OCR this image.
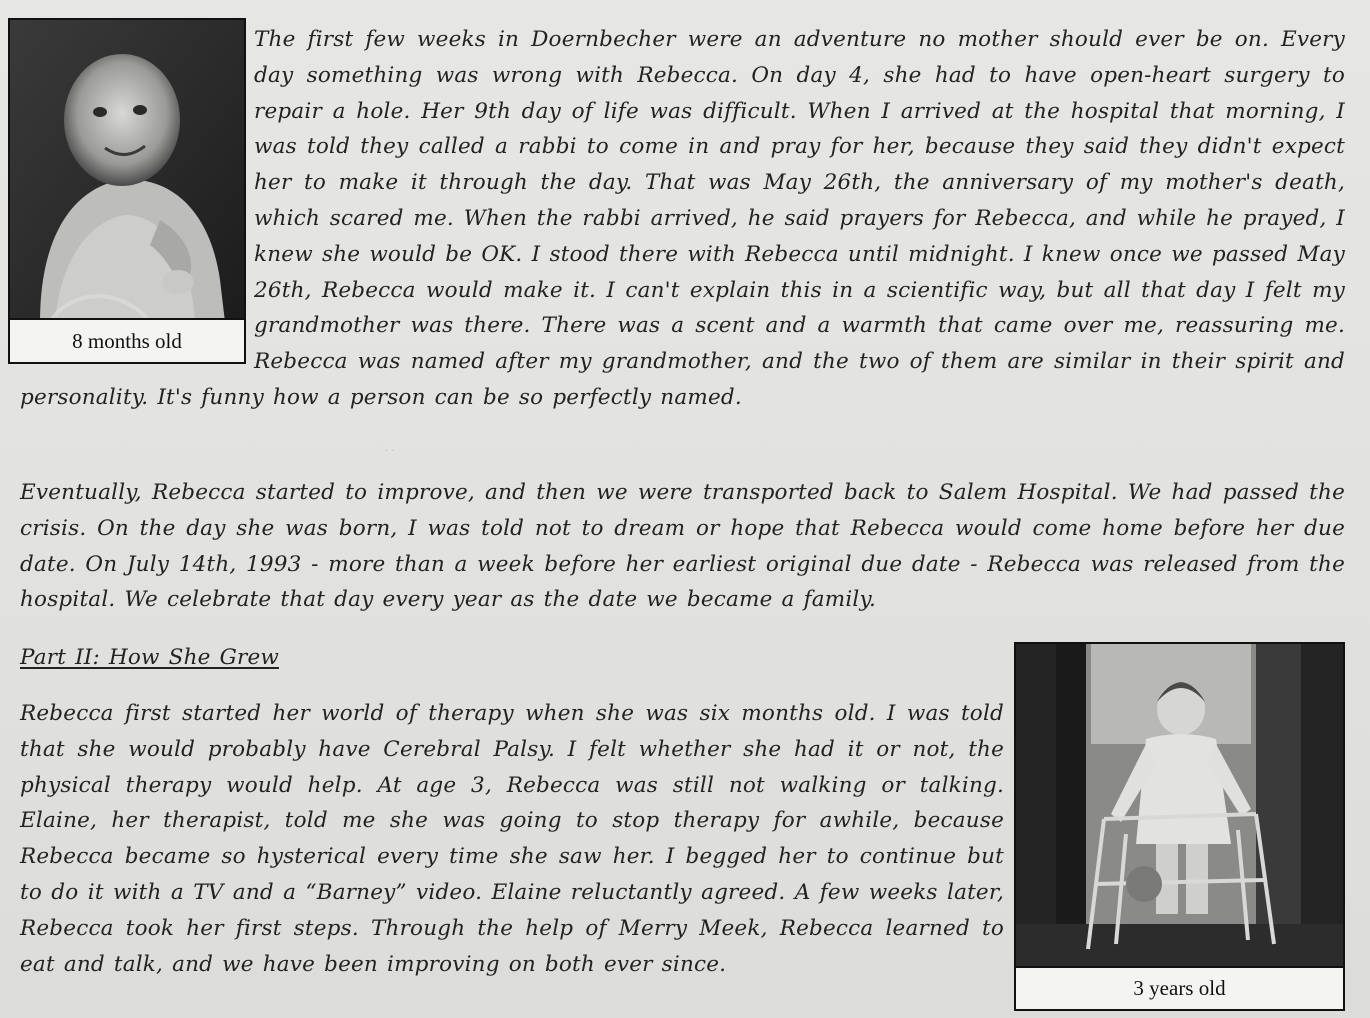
8 months old

The first few weeks in Doernbecher were an adventure no mother should ever be on. Every day something was wrong with Rebecca. On day 4, she had to have open-heart surgery to repair a hole. Her 9th day of life was difficult. When I arrived at the hospital that morning, I was told they called a rabbi to come in and pray for her, because they said they didn't expect her to make it through the day. That was May 26th, the anniversary of my mother's death, which scared me. When the rabbi arrived, he said prayers for Rebecca, and while he prayed, I knew she would be OK. I stood there with Rebecca until midnight. I knew once we passed May 26th, Rebecca would make it. I can't explain this in a scientific way, but all that day I felt my grandmother was there. There was a scent and a warmth that came over me, reassuring me. Rebecca was named after my grandmother, and the two of them are similar in their spirit and personality. It's funny how a person can be so perfectly named.

· ·

Eventually, Rebecca started to improve, and then we were transported back to Salem Hospital. We had passed the crisis. On the day she was born, I was told not to dream or hope that Rebecca would come home before her due date. On July 14th, 1993 - more than a week before her earliest original due date - Rebecca was released from the hospital. We celebrate that day every year as the date we became a family.

Part II: How She Grew

Rebecca first started her world of therapy when she was six months old. I was told that she would probably have Cerebral Palsy. I felt whether she had it or not, the physical therapy would help. At age 3, Rebecca was still not walking or talking. Elaine, her therapist, told me she was going to stop therapy for awhile, because Rebecca became so hysterical every time she saw her. I begged her to continue but to do it with a TV and a “Barney” video. Elaine reluctantly agreed. A few weeks later, Rebecca took her first steps. Through the help of Merry Meek, Rebecca learned to eat and talk, and we have been improving on both ever since.

3 years old
